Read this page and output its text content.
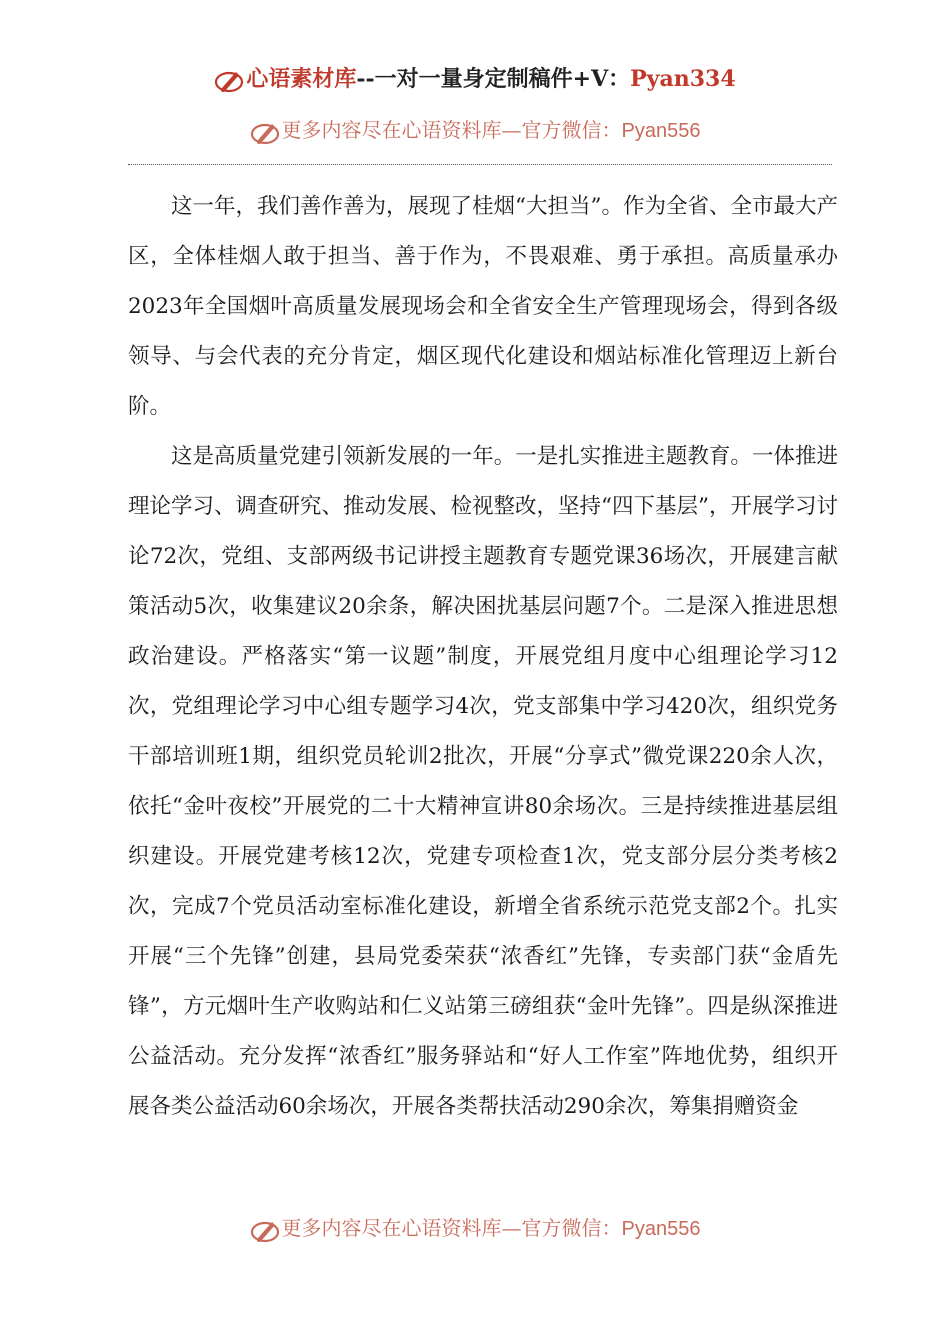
心语素材库--一对一量身定制稿件+V：Pyan334
更多内容尽在心语资料库—官方微信：Pyan556

这一年，我们善作善为，展现了桂烟“大担当”。作为全省、全市最大产区，全体桂烟人敢于担当、善于作为，不畏艰难、勇于承担。高质量承办2023年全国烟叶高质量发展现场会和全省安全生产管理现场会，得到各级领导、与会代表的充分肯定，烟区现代化建设和烟站标准化管理迈上新台阶。

这是高质量党建引领新发展的一年。一是扎实推进主题教育。一体推进理论学习、调查研究、推动发展、检视整改，坚持“四下基层”，开展学习讨论72次，党组、支部两级书记讲授主题教育专题党课36场次，开展建言献策活动5次，收集建议20余条，解决困扰基层问题7个。二是深入推进思想政治建设。严格落实“第一议题”制度，开展党组月度中心组理论学习12次，党组理论学习中心组专题学习4次，党支部集中学习420次，组织党务干部培训班1期，组织党员轮训2批次，开展“分享式”微党课220余人次，依托“金叶夜校”开展党的二十大精神宣讲80余场次。三是持续推进基层组织建设。开展党建考核12次，党建专项检查1次，党支部分层分类考核2次，完成7个党员活动室标准化建设，新增全省系统示范党支部2个。扎实开展“三个先锋”创建，县局党委荣获“浓香红”先锋，专卖部门获“金盾先锋”，方元烟叶生产收购站和仁义站第三磅组获“金叶先锋”。四是纵深推进公益活动。充分发挥“浓香红”服务驿站和“好人工作室”阵地优势，组织开展各类公益活动60余场次，开展各类帮扶活动290余次，筹集捐赠资金

更多内容尽在心语资料库—官方微信：Pyan556
